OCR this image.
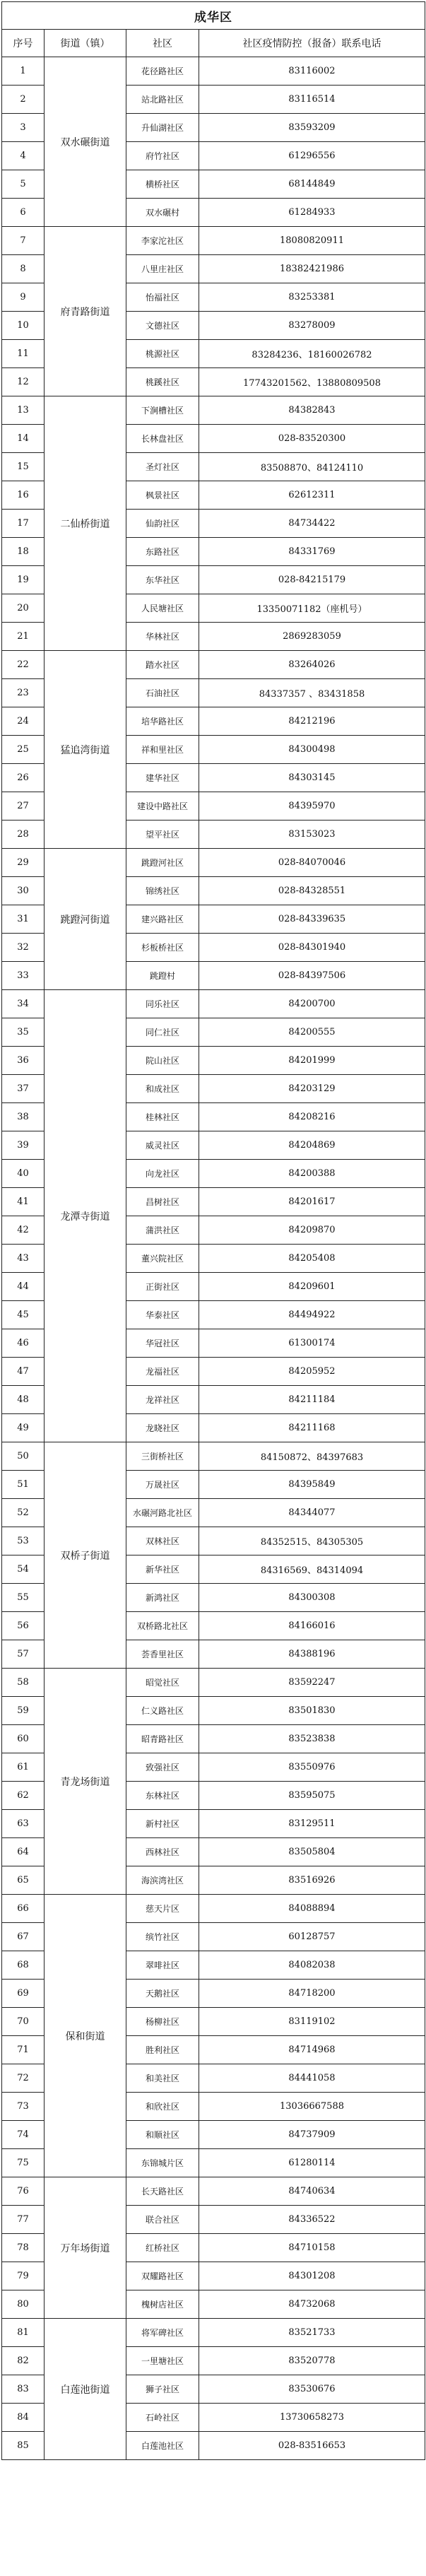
成华区			
序号	街道（镇）	社区	社区疫情防控（报备）联系电话
1	双水碾街道	花径路社区	83116002
2		站北路社区	83116514
3		升仙湖社区	83593209
4		府竹社区	61296556
5		横桥社区	68144849
6		双水碾村	61284933
7	府青路街道	李家沱社区	18080820911
8		八里庄社区	18382421986
9		怡福社区	83253381
10		文德社区	83278009
11		桃源社区	83284236、18160026782
12		桃蹊社区	17743201562、13880809508
13	二仙桥街道	下涧槽社区	84382843
14		长林盘社区	028-83520300
15		圣灯社区	83508870、84124110
16		枫景社区	62612311
17		仙韵社区	84734422
18		东路社区	84331769
19		东华社区	028-84215179
20		人民塘社区	13350071182（座机号）
21		华林社区	2869283059
22	猛追湾街道	踏水社区	83264026
23		石油社区	84337357 、83431858
24		培华路社区	84212196
25		祥和里社区	84300498
26		建华社区	84303145
27		建设中路社区	84395970
28		望平社区	83153023
29	跳蹬河街道	跳蹬河社区	028-84070046
30		锦绣社区	028-84328551
31		建兴路社区	028-84339635
32		杉板桥社区	028-84301940
33		跳蹬村	028-84397506
34	龙潭寺街道	同乐社区	84200700
35		同仁社区	84200555
36		院山社区	84201999
37		和成社区	84203129
38		桂林社区	84208216
39		威灵社区	84204869
40		向龙社区	84200388
41		昌树社区	84201617
42		蒲洪社区	84209870
43		董兴院社区	84205408
44		正街社区	84209601
45		华泰社区	84494922
46		华冠社区	61300174
47		龙福社区	84205952
48		龙祥社区	84211184
49		龙晓社区	84211168
50	双桥子街道	三街桥社区	84150872、84397683
51		万晟社区	84395849
52		水碾河路北社区	84344077
53		双林社区	84352515、84305305
54		新华社区	84316569、84314094
55		新鸿社区	84300308
56		双桥路北社区	84166016
57		荟香里社区	84388196
58	青龙场街道	昭觉社区	83592247
59		仁义路社区	83501830
60		昭青路社区	83523838
61		致强社区	83550976
62		东林社区	83595075
63		新村社区	83129511
64		西林社区	83505804
65		海滨湾社区	83516926
66	保和街道	慈天片区	84088894
67		缤竹社区	60128757
68		翠啡社区	84082038
69		天鹅社区	84718200
70		杨柳社区	83119102
71		胜利社区	84714968
72		和美社区	84441058
73		和欣社区	13036667588
74		和顺社区	84737909
75		东锦城片区	61280114
76	万年场街道	长天路社区	84740634
77		联合社区	84336522
78		红桥社区	84710158
79		双耀路社区	84301208
80		槐树店社区	84732068
81	白莲池街道	将军碑社区	83521733
82		一里塘社区	83520778
83		狮子社区	83530676
84		石岭社区	13730658273
85		白莲池社区	028-83516653
